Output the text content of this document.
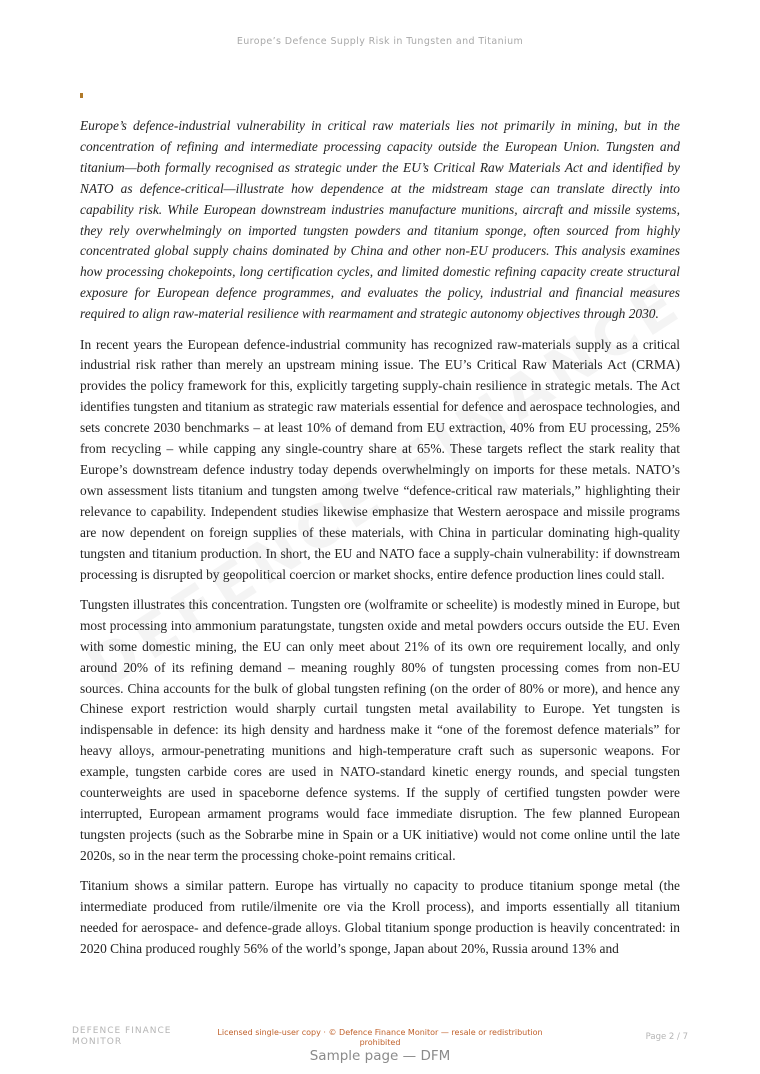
Europe’s Defence Supply Risk in Tungsten and Titanium

Europe’s defence-industrial vulnerability in critical raw materials lies not primarily in mining, but in the concentration of refining and intermediate processing capacity outside the European Union. Tungsten and titanium—both formally recognised as strategic under the EU’s Critical Raw Materials Act and identified by NATO as defence-critical—illustrate how dependence at the midstream stage can translate directly into capability risk. While European downstream industries manufacture munitions, aircraft and missile systems, they rely overwhelmingly on imported tungsten powders and titanium sponge, often sourced from highly concentrated global supply chains dominated by China and other non-EU producers. This analysis examines how processing chokepoints, long certification cycles, and limited domestic refining capacity create structural exposure for European defence programmes, and evaluates the policy, industrial and financial measures required to align raw-material resilience with rearmament and strategic autonomy objectives through 2030.

In recent years the European defence-industrial community has recognized raw-materials supply as a critical industrial risk rather than merely an upstream mining issue. The EU’s Critical Raw Materials Act (CRMA) provides the policy framework for this, explicitly targeting supply-chain resilience in strategic metals. The Act identifies tungsten and titanium as strategic raw materials essential for defence and aerospace technologies, and sets concrete 2030 benchmarks – at least 10% of demand from EU extraction, 40% from EU processing, 25% from recycling – while capping any single-country share at 65%. These targets reflect the stark reality that Europe’s downstream defence industry today depends overwhelmingly on imports for these metals. NATO’s own assessment lists titanium and tungsten among twelve “defence-critical raw materials,” highlighting their relevance to capability. Independent studies likewise emphasize that Western aerospace and missile programs are now dependent on foreign supplies of these materials, with China in particular dominating high-quality tungsten and titanium production. In short, the EU and NATO face a supply-chain vulnerability: if downstream processing is disrupted by geopolitical coercion or market shocks, entire defence production lines could stall.

Tungsten illustrates this concentration. Tungsten ore (wolframite or scheelite) is modestly mined in Europe, but most processing into ammonium paratungstate, tungsten oxide and metal powders occurs outside the EU. Even with some domestic mining, the EU can only meet about 21% of its own ore requirement locally, and only around 20% of its refining demand – meaning roughly 80% of tungsten processing comes from non-EU sources. China accounts for the bulk of global tungsten refining (on the order of 80% or more), and hence any Chinese export restriction would sharply curtail tungsten metal availability to Europe. Yet tungsten is indispensable in defence: its high density and hardness make it “one of the foremost defence materials” for heavy alloys, armour-penetrating munitions and high-temperature craft such as supersonic weapons. For example, tungsten carbide cores are used in NATO-standard kinetic energy rounds, and special tungsten counterweights are used in spaceborne defence systems. If the supply of certified tungsten powder were interrupted, European armament programs would face immediate disruption. The few planned European tungsten projects (such as the Sobrarbe mine in Spain or a UK initiative) would not come online until the late 2020s, so in the near term the processing choke-point remains critical.

Titanium shows a similar pattern. Europe has virtually no capacity to produce titanium sponge metal (the intermediate produced from rutile/ilmenite ore via the Kroll process), and imports essentially all titanium needed for aerospace- and defence-grade alloys. Global titanium sponge production is heavily concentrated: in 2020 China produced roughly 56% of the world’s sponge, Japan about 20%, Russia around 13% and

DEFENCE FINANCE MONITOR
Licensed single-user copy · © Defence Finance Monitor — resale or redistribution prohibited
Page 2 / 7
Sample page — DFM
